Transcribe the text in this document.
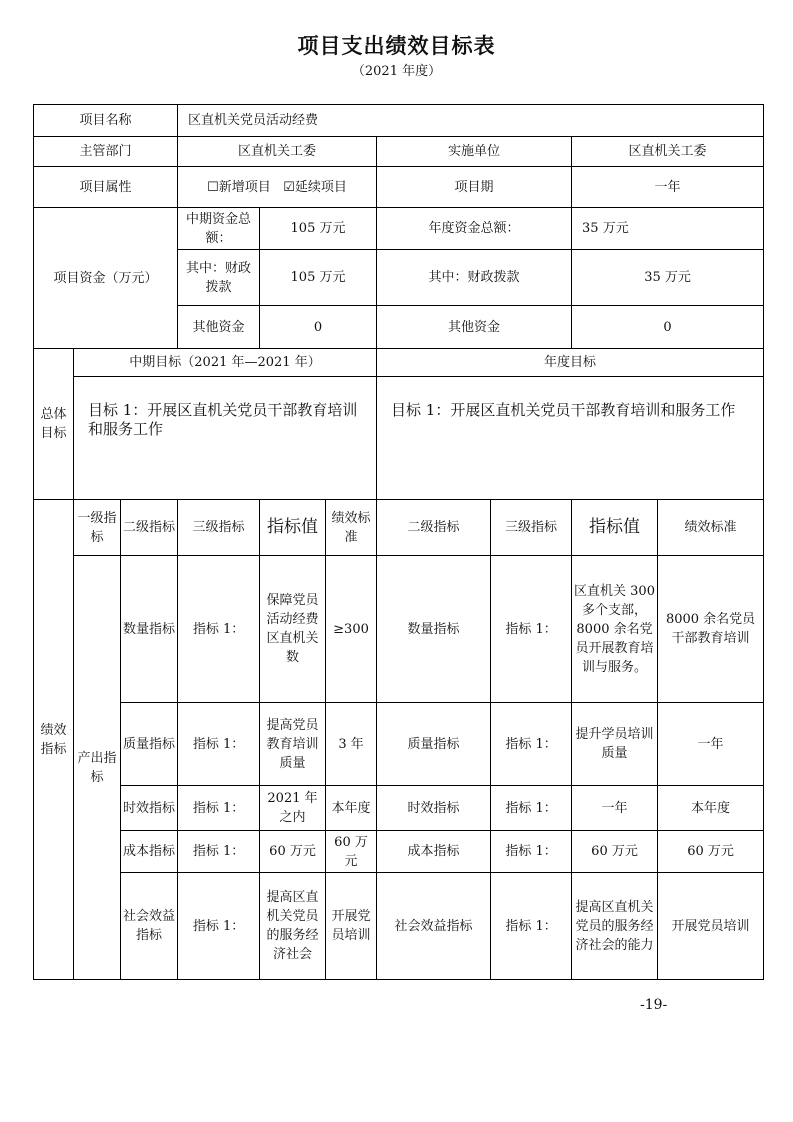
项目支出绩效目标表
（2021 年度）
项目名称			区直机关党员活动经费						
主管部门			区直机关工委			实施单位		区直机关工委	
项目属性			☐新增项目 ☑延续项目			项目期		一年	
项目资金（万元）			中期资金总额：	105 万元		年度资金总额：		35 万元	
			其中：财政拨款	105 万元		其中：财政拨款		35 万元	
			其他资金	0		其他资金		0	
总体目标	中期目标（2021 年—2021 年）					年度目标			
	目标 1：开展区直机关党员干部教育培训和服务工作					目标 1：开展区直机关党员干部教育培训和服务工作			
绩效指标	一级指标	二级指标	三级指标	指标值	绩效标准	二级指标	三级指标	指标值	绩效标准
	产出指标	数量指标	指标 1：	保障党员活动经费区直机关数	≥300	数量指标	指标 1：	区直机关 300 多个支部，8000 余名党员开展教育培训与服务。	8000 余名党员干部教育培训
		质量指标	指标 1：	提高党员教育培训质量	3 年	质量指标	指标 1：	提升学员培训质量	一年
		时效指标	指标 1：	2021 年之内	本年度	时效指标	指标 1：	一年	本年度
		成本指标	指标 1：	60 万元	60 万元	成本指标	指标 1：	60 万元	60 万元
		社会效益指标	指标 1：	提高区直机关党员的服务经济社会	开展党员培训	社会效益指标	指标 1：	提高区直机关党员的服务经济社会的能力	开展党员培训
-19-
